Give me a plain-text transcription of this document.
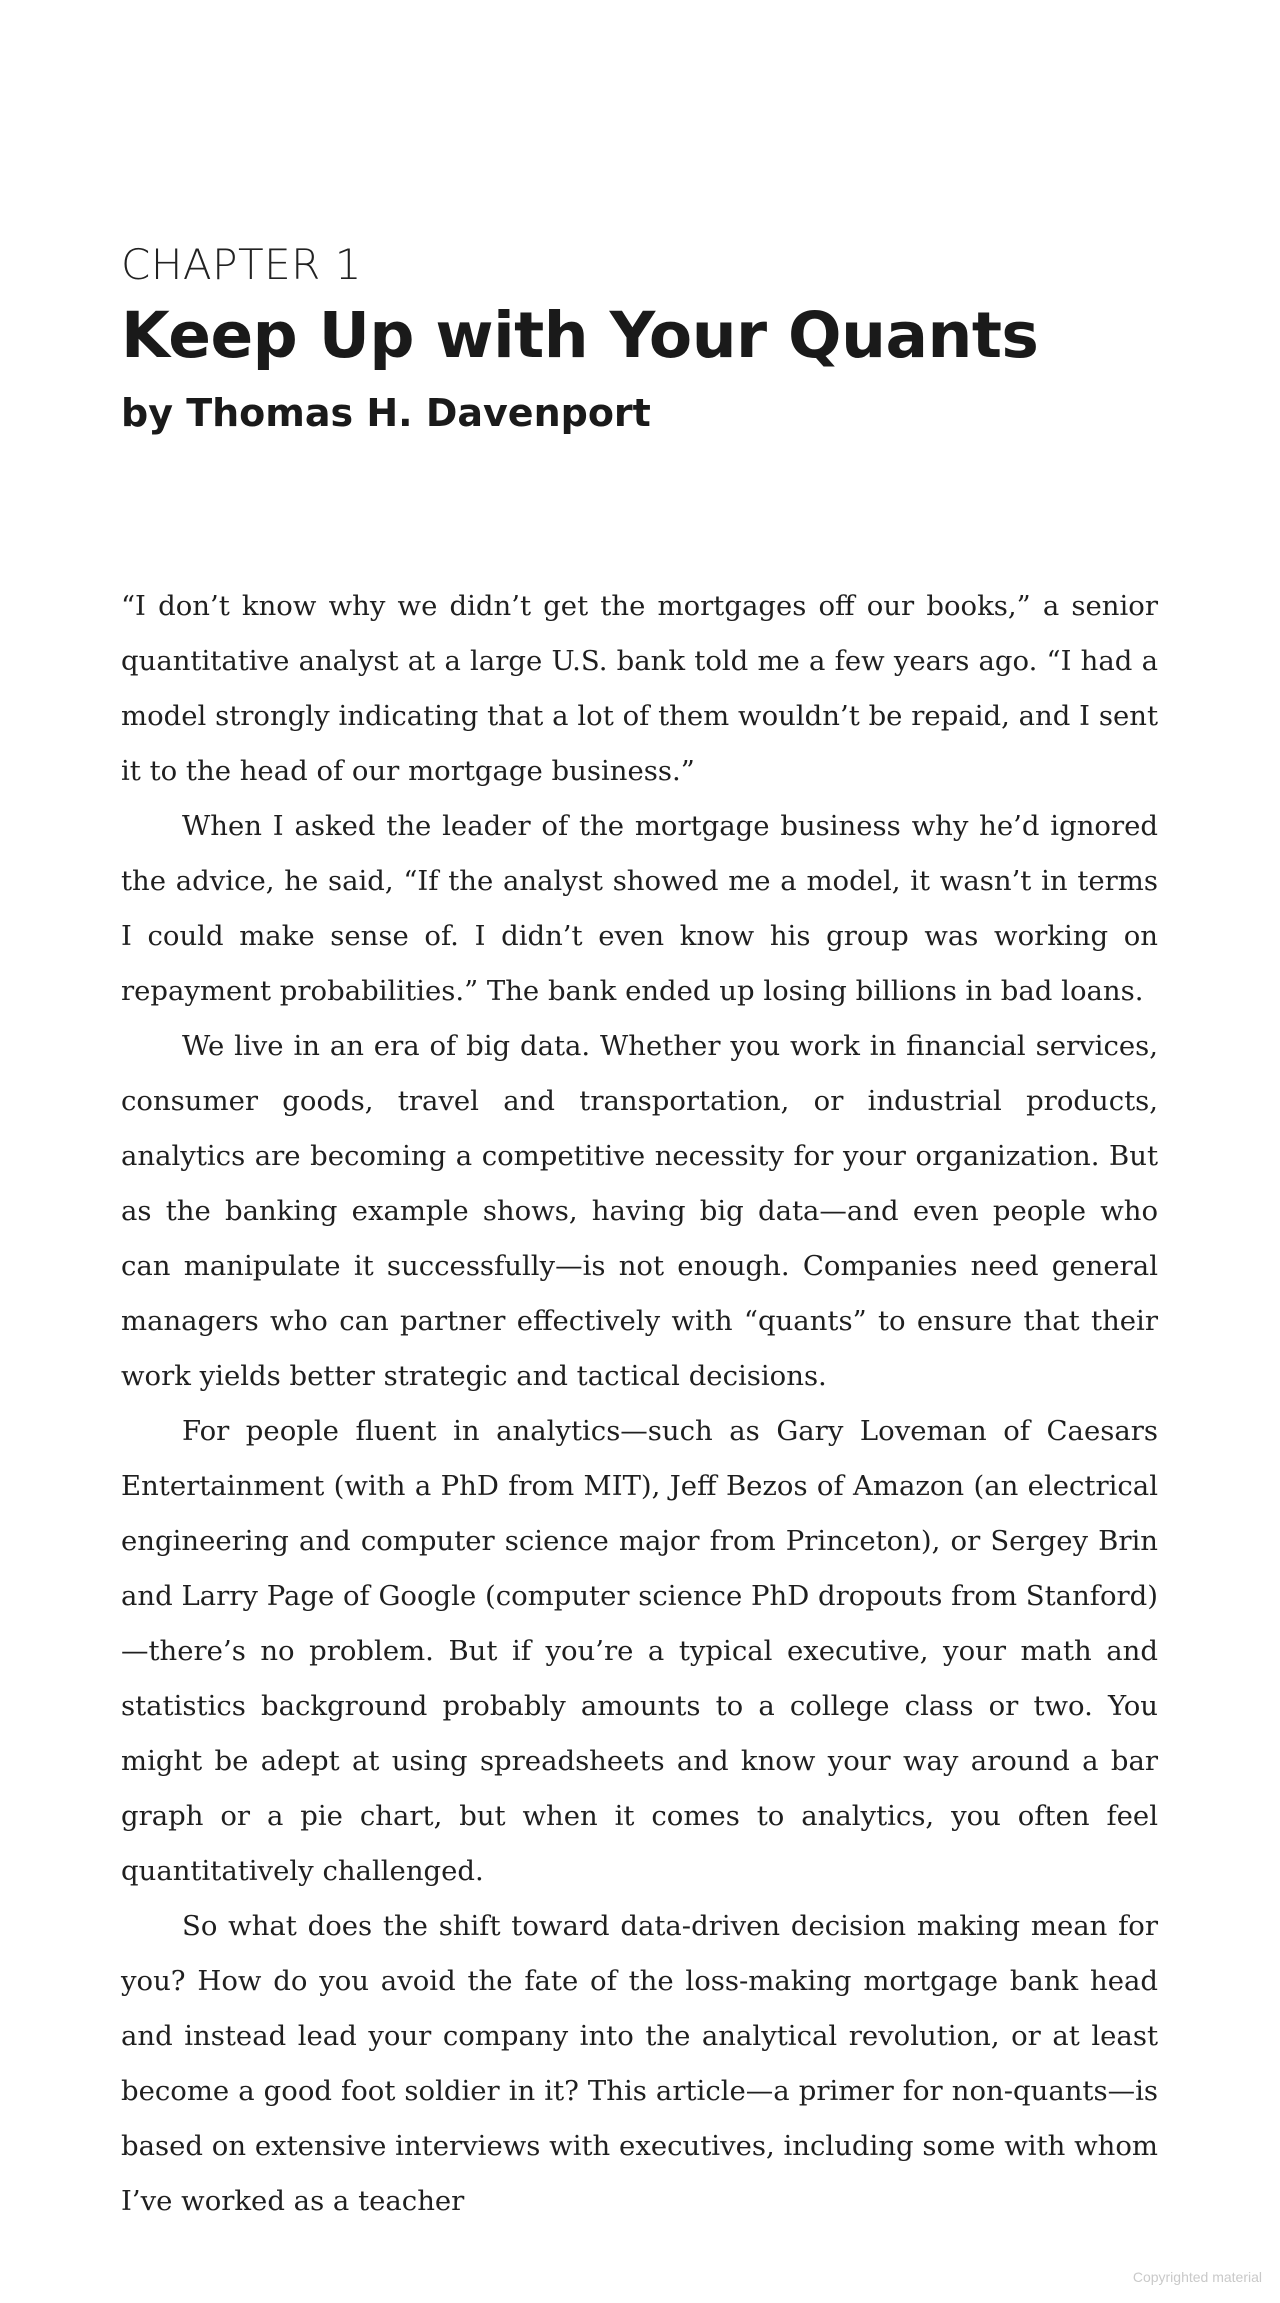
CHAPTER 1
Keep Up with Your Quants
by Thomas H. Davenport

“I don’t know why we didn’t get the mortgages off our books,” a senior quantitative analyst at a large U.S. bank told me a few years ago. “I had a model strongly indicating that a lot of them wouldn’t be repaid, and I sent it to the head of our mortgage business.”

When I asked the leader of the mortgage business why he’d ignored the advice, he said, “If the analyst showed me a model, it wasn’t in terms I could make sense of. I didn’t even know his group was working on repayment probabilities.” The bank ended up losing billions in bad loans.

We live in an era of big data. Whether you work in financial services, consumer goods, travel and transportation, or industrial products, analytics are becoming a competitive necessity for your organization. But as the banking example shows, having big data—and even people who can manipulate it successfully—is not enough. Companies need general managers who can partner effectively with “quants” to ensure that their work yields better strategic and tactical decisions.

For people fluent in analytics—such as Gary Loveman of Caesars Entertainment (with a PhD from MIT), Jeff Bezos of Amazon (an electrical engineering and computer science major from Princeton), or Sergey Brin and Larry Page of Google (computer science PhD dropouts from Stanford)—there’s no problem. But if you’re a typical executive, your math and statistics background probably amounts to a college class or two. You might be adept at using spreadsheets and know your way around a bar graph or a pie chart, but when it comes to analytics, you often feel quantitatively challenged.

So what does the shift toward data-driven decision making mean for you? How do you avoid the fate of the loss-making mortgage bank head and instead lead your company into the analytical revolution, or at least become a good foot soldier in it? This article—a primer for non-quants—is based on extensive interviews with executives, including some with whom I’ve worked as a teacher

Copyrighted material
